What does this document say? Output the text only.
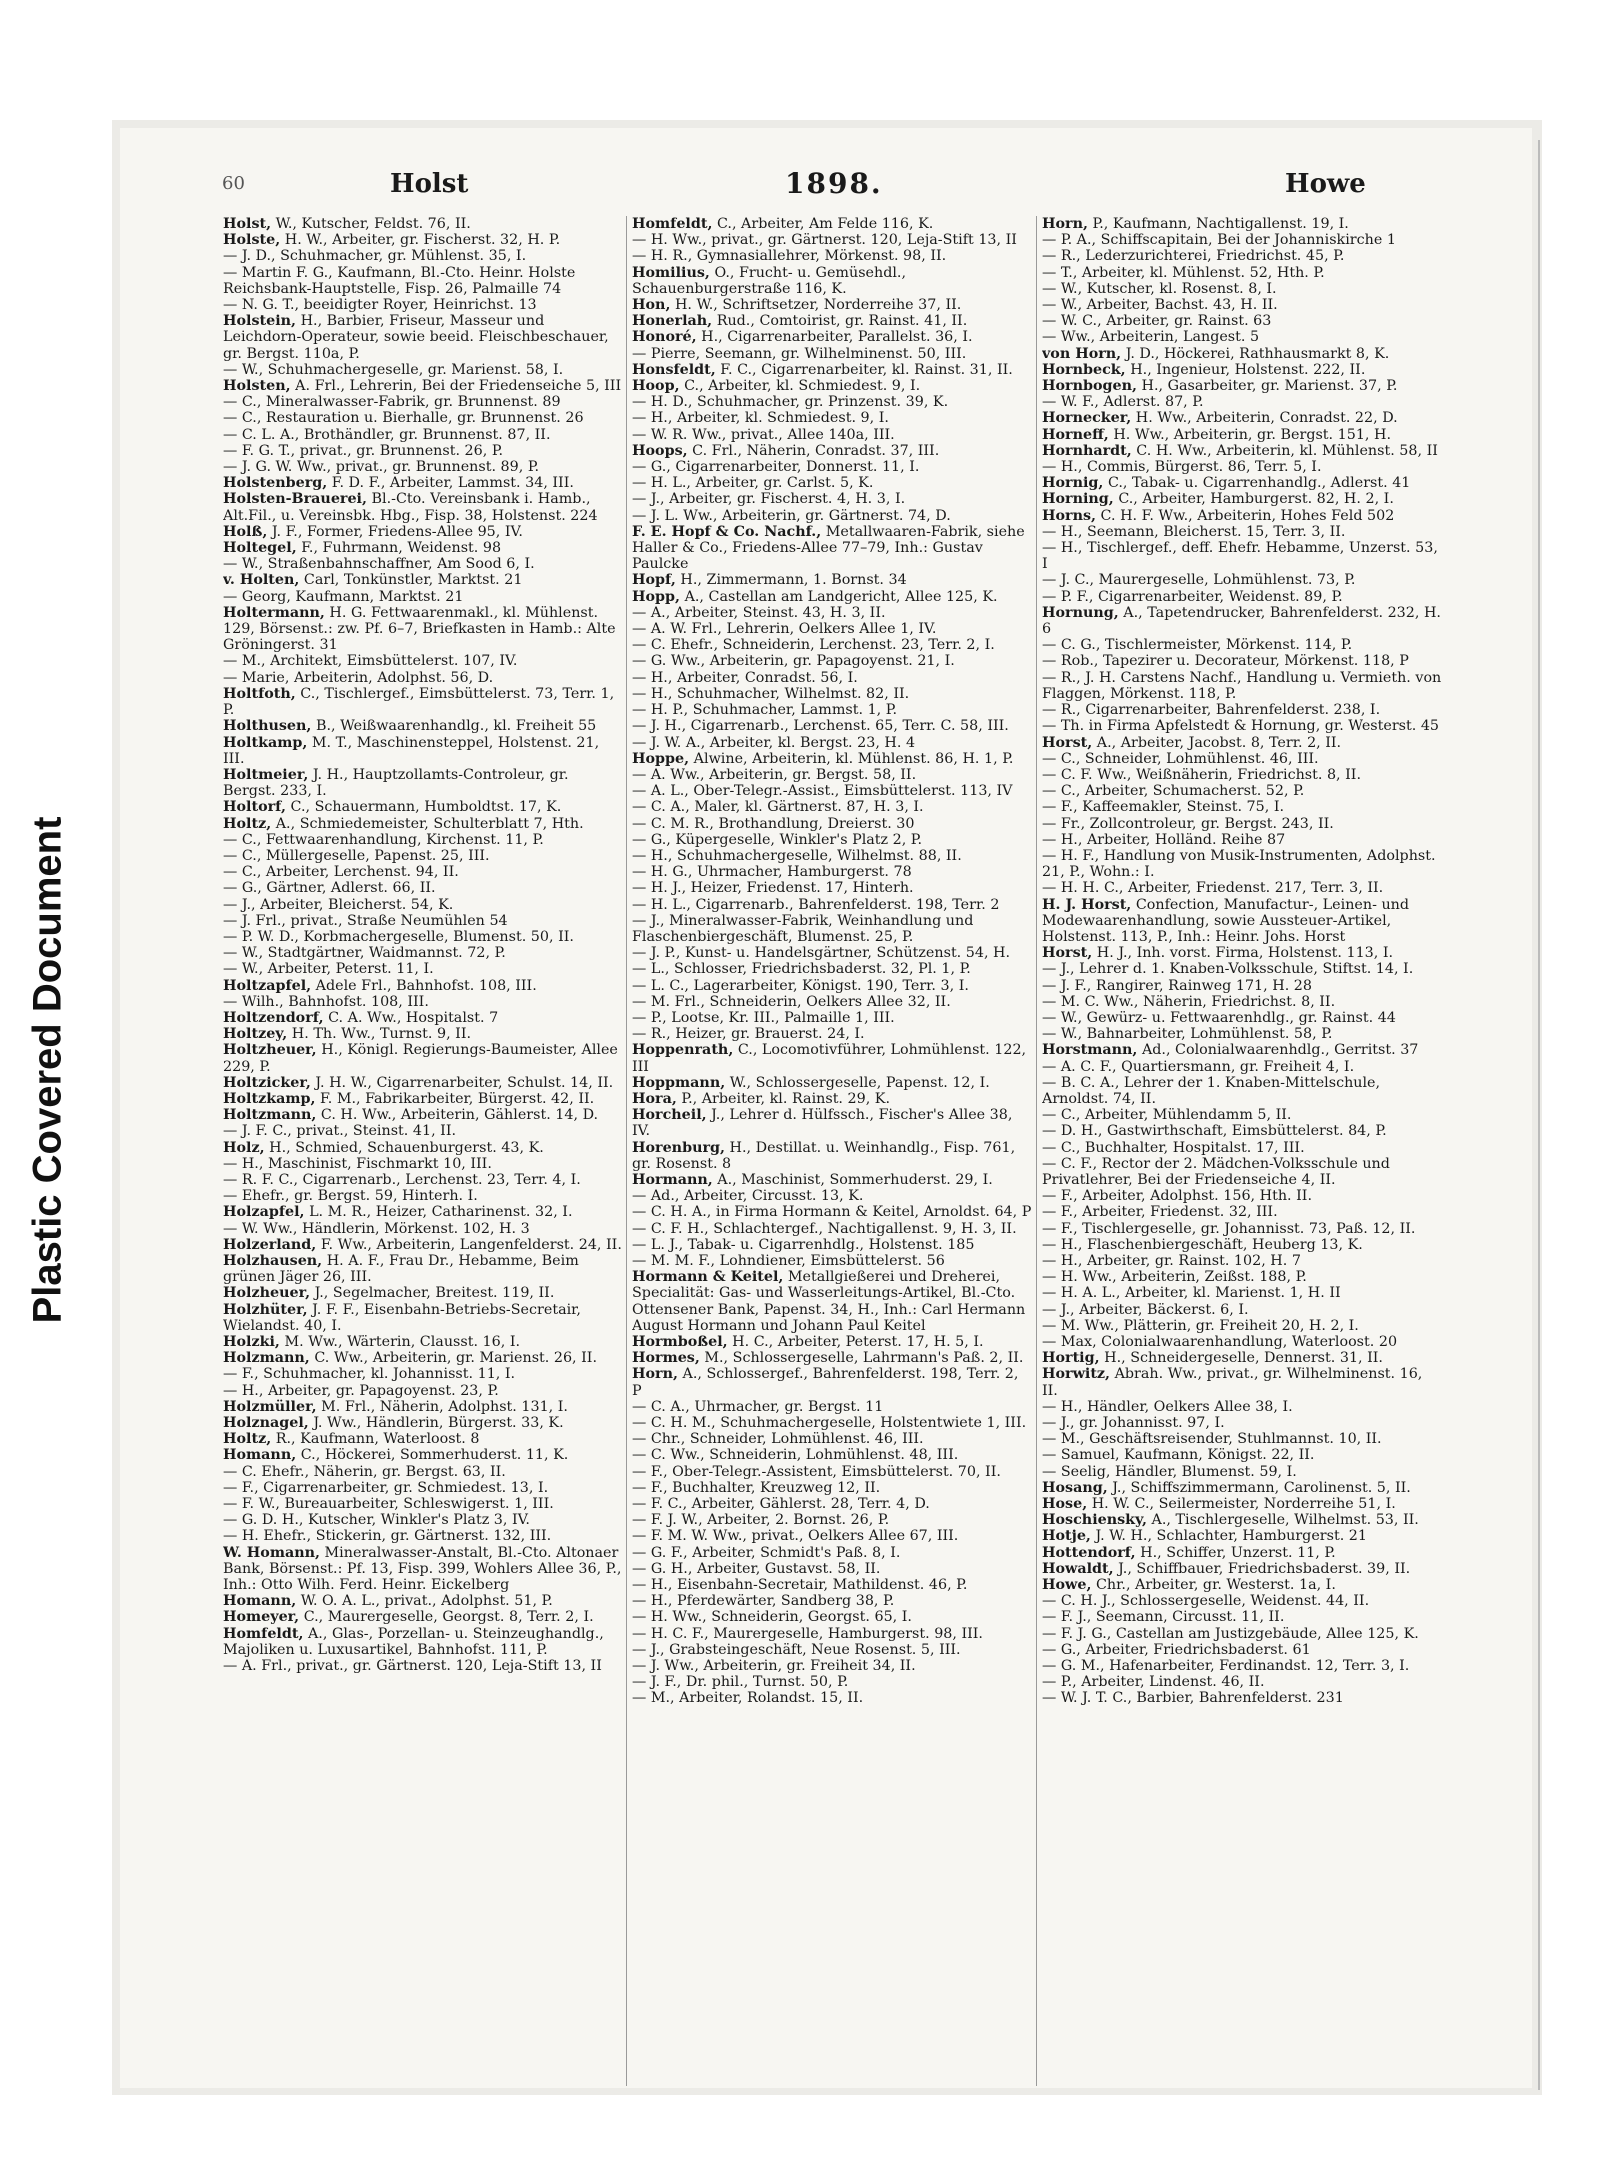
Plastic Covered Document
60	Holst	1898.	Howe
Holst, W., Kutscher, Feldst. 76, II.
Holste, H. W., Arbeiter, gr. Fischerst. 32, H. P.
— J. D., Schuhmacher, gr. Mühlenst. 35, I.
— Martin F. G., Kaufmann, Bl.-Cto. Heinr. Holste Reichsbank-Hauptstelle, Fisp. 26, Palmaille 74
— N. G. T., beeidigter Royer, Heinrichst. 13
Holstein, H., Barbier, Friseur, Masseur und Leichdorn-Operateur, sowie beeid. Fleischbeschauer, gr. Bergst. 110a, P.
— W., Schuhmachergeselle, gr. Marienst. 58, I.
Holsten, A. Frl., Lehrerin, Bei der Friedenseiche 5, III
— C., Mineralwasser-Fabrik, gr. Brunnenst. 89
— C., Restauration u. Bierhalle, gr. Brunnenst. 26
— C. L. A., Brothändler, gr. Brunnenst. 87, II.
— F. G. T., privat., gr. Brunnenst. 26, P.
— J. G. W. Ww., privat., gr. Brunnenst. 89, P.
Holstenberg, F. D. F., Arbeiter, Lammst. 34, III.
Holsten-Brauerei, Bl.-Cto. Vereinsbank i. Hamb., Alt.Fil., u. Vereinsbk. Hbg., Fisp. 38, Holstenst. 224
Holß, J. F., Former, Friedens-Allee 95, IV.
Holtegel, F., Fuhrmann, Weidenst. 98
— W., Straßenbahnschaffner, Am Sood 6, I.
v. Holten, Carl, Tonkünstler, Marktst. 21
— Georg, Kaufmann, Marktst. 21
Holtermann, H. G. Fettwaarenmakl., kl. Mühlenst. 129, Börsenst.: zw. Pf. 6–7, Briefkasten in Hamb.: Alte Gröningerst. 31
— M., Architekt, Eimsbüttelerst. 107, IV.
— Marie, Arbeiterin, Adolphst. 56, D.
Holtfoth, C., Tischlergef., Eimsbüttelerst. 73, Terr. 1, P.
Holthusen, B., Weißwaarenhandlg., kl. Freiheit 55
Holtkamp, M. T., Maschinensteppel, Holstenst. 21, III.
Holtmeier, J. H., Hauptzollamts-Controleur, gr. Bergst. 233, I.
Holtorf, C., Schauermann, Humboldtst. 17, K.
Holtz, A., Schmiedemeister, Schulterblatt 7, Hth.
— C., Fettwaarenhandlung, Kirchenst. 11, P.
— C., Müllergeselle, Papenst. 25, III.
— C., Arbeiter, Lerchenst. 94, II.
— G., Gärtner, Adlerst. 66, II.
— J., Arbeiter, Bleicherst. 54, K.
— J. Frl., privat., Straße Neumühlen 54
— P. W. D., Korbmachergeselle, Blumenst. 50, II.
— W., Stadtgärtner, Waidmannst. 72, P.
— W., Arbeiter, Peterst. 11, I.
Holtzapfel, Adele Frl., Bahnhofst. 108, III.
— Wilh., Bahnhofst. 108, III.
Holtzendorf, C. A. Ww., Hospitalst. 7
Holtzey, H. Th. Ww., Turnst. 9, II.
Holtzheuer, H., Königl. Regierungs-Baumeister, Allee 229, P.
Holtzicker, J. H. W., Cigarrenarbeiter, Schulst. 14, II.
Holtzkamp, F. M., Fabrikarbeiter, Bürgerst. 42, II.
Holtzmann, C. H. Ww., Arbeiterin, Gählerst. 14, D.
— J. F. C., privat., Steinst. 41, II.
Holz, H., Schmied, Schauenburgerst. 43, K.
— H., Maschinist, Fischmarkt 10, III.
— R. F. C., Cigarrenarb., Lerchenst. 23, Terr. 4, I.
— Ehefr., gr. Bergst. 59, Hinterh. I.
Holzapfel, L. M. R., Heizer, Catharinenst. 32, I.
— W. Ww., Händlerin, Mörkenst. 102, H. 3
Holzerland, F. Ww., Arbeiterin, Langenfelderst. 24, II.
Holzhausen, H. A. F., Frau Dr., Hebamme, Beim grünen Jäger 26, III.
Holzheuer, J., Segelmacher, Breitest. 119, II.
Holzhüter, J. F. F., Eisenbahn-Betriebs-Secretair, Wielandst. 40, I.
Holzki, M. Ww., Wärterin, Clausst. 16, I.
Holzmann, C. Ww., Arbeiterin, gr. Marienst. 26, II.
— F., Schuhmacher, kl. Johannisst. 11, I.
— H., Arbeiter, gr. Papagoyenst. 23, P.
Holzmüller, M. Frl., Näherin, Adolphst. 131, I.
Holznagel, J. Ww., Händlerin, Bürgerst. 33, K.
Holtz, R., Kaufmann, Waterloost. 8
Homann, C., Höckerei, Sommerhuderst. 11, K.
— C. Ehefr., Näherin, gr. Bergst. 63, II.
— F., Cigarrenarbeiter, gr. Schmiedest. 13, I.
— F. W., Bureauarbeiter, Schleswigerst. 1, III.
— G. D. H., Kutscher, Winkler's Platz 3, IV.
— H. Ehefr., Stickerin, gr. Gärtnerst. 132, III.
W. Homann, Mineralwasser-Anstalt, Bl.-Cto. Altonaer Bank, Börsenst.: Pf. 13, Fisp. 399, Wohlers Allee 36, P., Inh.: Otto Wilh. Ferd. Heinr. Eickelberg
Homann, W. O. A. L., privat., Adolphst. 51, P.
Homeyer, C., Maurergeselle, Georgst. 8, Terr. 2, I.
Homfeldt, A., Glas-, Porzellan- u. Steinzeughandlg., Majoliken u. Luxusartikel, Bahnhofst. 111, P.
— A. Frl., privat., gr. Gärtnerst. 120, Leja-Stift 13, II
Homfeldt, C., Arbeiter, Am Felde 116, K.
— H. Ww., privat., gr. Gärtnerst. 120, Leja-Stift 13, II
— H. R., Gymnasiallehrer, Mörkenst. 98, II.
Homilius, O., Frucht- u. Gemüsehdl., Schauenburgerstraße 116, K.
Hon, H. W., Schriftsetzer, Norderreihe 37, II.
Honerlah, Rud., Comtoirist, gr. Rainst. 41, II.
Honoré, H., Cigarrenarbeiter, Parallelst. 36, I.
— Pierre, Seemann, gr. Wilhelminenst. 50, III.
Honsfeldt, F. C., Cigarrenarbeiter, kl. Rainst. 31, II.
Hoop, C., Arbeiter, kl. Schmiedest. 9, I.
— H. D., Schuhmacher, gr. Prinzenst. 39, K.
— H., Arbeiter, kl. Schmiedest. 9, I.
— W. R. Ww., privat., Allee 140a, III.
Hoops, C. Frl., Näherin, Conradst. 37, III.
— G., Cigarrenarbeiter, Donnerst. 11, I.
— H. L., Arbeiter, gr. Carlst. 5, K.
— J., Arbeiter, gr. Fischerst. 4, H. 3, I.
— J. L. Ww., Arbeiterin, gr. Gärtnerst. 74, D.
F. E. Hopf & Co. Nachf., Metallwaaren-Fabrik, siehe Haller & Co., Friedens-Allee 77–79, Inh.: Gustav Paulcke
Hopf, H., Zimmermann, 1. Bornst. 34
Hopp, A., Castellan am Landgericht, Allee 125, K.
— A., Arbeiter, Steinst. 43, H. 3, II.
— A. W. Frl., Lehrerin, Oelkers Allee 1, IV.
— C. Ehefr., Schneiderin, Lerchenst. 23, Terr. 2, I.
— G. Ww., Arbeiterin, gr. Papagoyenst. 21, I.
— H., Arbeiter, Conradst. 56, I.
— H., Schuhmacher, Wilhelmst. 82, II.
— H. P., Schuhmacher, Lammst. 1, P.
— J. H., Cigarrenarb., Lerchenst. 65, Terr. C. 58, III.
— J. W. A., Arbeiter, kl. Bergst. 23, H. 4
Hoppe, Alwine, Arbeiterin, kl. Mühlenst. 86, H. 1, P.
— A. Ww., Arbeiterin, gr. Bergst. 58, II.
— A. L., Ober-Telegr.-Assist., Eimsbüttelerst. 113, IV
— C. A., Maler, kl. Gärtnerst. 87, H. 3, I.
— C. M. R., Brothandlung, Dreierst. 30
— G., Küpergeselle, Winkler's Platz 2, P.
— H., Schuhmachergeselle, Wilhelmst. 88, II.
— H. G., Uhrmacher, Hamburgerst. 78
— H. J., Heizer, Friedenst. 17, Hinterh.
— H. L., Cigarrenarb., Bahrenfelderst. 198, Terr. 2
— J., Mineralwasser-Fabrik, Weinhandlung und Flaschenbiergeschäft, Blumenst. 25, P.
— J. P., Kunst- u. Handelsgärtner, Schützenst. 54, H.
— L., Schlosser, Friedrichsbaderst. 32, Pl. 1, P.
— L. C., Lagerarbeiter, Königst. 190, Terr. 3, I.
— M. Frl., Schneiderin, Oelkers Allee 32, II.
— P., Lootse, Kr. III., Palmaille 1, III.
— R., Heizer, gr. Brauerst. 24, I.
Hoppenrath, C., Locomotivführer, Lohmühlenst. 122, III
Hoppmann, W., Schlossergeselle, Papenst. 12, I.
Hora, P., Arbeiter, kl. Rainst. 29, K.
Horcheil, J., Lehrer d. Hülfssch., Fischer's Allee 38, IV.
Horenburg, H., Destillat. u. Weinhandlg., Fisp. 761, gr. Rosenst. 8
Hormann, A., Maschinist, Sommerhuderst. 29, I.
— Ad., Arbeiter, Circusst. 13, K.
— C. H. A., in Firma Hormann & Keitel, Arnoldst. 64, P
— C. F. H., Schlachtergef., Nachtigallenst. 9, H. 3, II.
— L. J., Tabak- u. Cigarrenhdlg., Holstenst. 185
— M. M. F., Lohndiener, Eimsbüttelerst. 56
Hormann & Keitel, Metallgießerei und Dreherei, Specialität: Gas- und Wasserleitungs-Artikel, Bl.-Cto. Ottensener Bank, Papenst. 34, H., Inh.: Carl Hermann August Hormann und Johann Paul Keitel
Hormboßel, H. C., Arbeiter, Peterst. 17, H. 5, I.
Hormes, M., Schlossergeselle, Lahrmann's Paß. 2, II.
Horn, A., Schlossergef., Bahrenfelderst. 198, Terr. 2, P
— C. A., Uhrmacher, gr. Bergst. 11
— C. H. M., Schuhmachergeselle, Holstentwiete 1, III.
— Chr., Schneider, Lohmühlenst. 46, III.
— C. Ww., Schneiderin, Lohmühlenst. 48, III.
— F., Ober-Telegr.-Assistent, Eimsbüttelerst. 70, II.
— F., Buchhalter, Kreuzweg 12, II.
— F. C., Arbeiter, Gählerst. 28, Terr. 4, D.
— F. J. W., Arbeiter, 2. Bornst. 26, P.
— F. M. W. Ww., privat., Oelkers Allee 67, III.
— G. F., Arbeiter, Schmidt's Paß. 8, I.
— G. H., Arbeiter, Gustavst. 58, II.
— H., Eisenbahn-Secretair, Mathildenst. 46, P.
— H., Pferdewärter, Sandberg 38, P.
— H. Ww., Schneiderin, Georgst. 65, I.
— H. C. F., Maurergeselle, Hamburgerst. 98, III.
— J., Grabsteingeschäft, Neue Rosenst. 5, III.
— J. Ww., Arbeiterin, gr. Freiheit 34, II.
— J. F., Dr. phil., Turnst. 50, P.
— M., Arbeiter, Rolandst. 15, II.
Horn, P., Kaufmann, Nachtigallenst. 19, I.
— P. A., Schiffscapitain, Bei der Johanniskirche 1
— R., Lederzurichterei, Friedrichst. 45, P.
— T., Arbeiter, kl. Mühlenst. 52, Hth. P.
— W., Kutscher, kl. Rosenst. 8, I.
— W., Arbeiter, Bachst. 43, H. II.
— W. C., Arbeiter, gr. Rainst. 63
— Ww., Arbeiterin, Langest. 5
von Horn, J. D., Höckerei, Rathhausmarkt 8, K.
Hornbeck, H., Ingenieur, Holstenst. 222, II.
Hornbogen, H., Gasarbeiter, gr. Marienst. 37, P.
— W. F., Adlerst. 87, P.
Hornecker, H. Ww., Arbeiterin, Conradst. 22, D.
Horneff, H. Ww., Arbeiterin, gr. Bergst. 151, H.
Hornhardt, C. H. Ww., Arbeiterin, kl. Mühlenst. 58, II
— H., Commis, Bürgerst. 86, Terr. 5, I.
Hornig, C., Tabak- u. Cigarrenhandlg., Adlerst. 41
Horning, C., Arbeiter, Hamburgerst. 82, H. 2, I.
Horns, C. H. F. Ww., Arbeiterin, Hohes Feld 502
— H., Seemann, Bleicherst. 15, Terr. 3, II.
— H., Tischlergef., deff. Ehefr. Hebamme, Unzerst. 53, I
— J. C., Maurergeselle, Lohmühlenst. 73, P.
— P. F., Cigarrenarbeiter, Weidenst. 89, P.
Hornung, A., Tapetendrucker, Bahrenfelderst. 232, H. 6
— C. G., Tischlermeister, Mörkenst. 114, P.
— Rob., Tapezirer u. Decorateur, Mörkenst. 118, P
— R., J. H. Carstens Nachf., Handlung u. Vermieth. von Flaggen, Mörkenst. 118, P.
— R., Cigarrenarbeiter, Bahrenfelderst. 238, I.
— Th. in Firma Apfelstedt & Hornung, gr. Westerst. 45
Horst, A., Arbeiter, Jacobst. 8, Terr. 2, II.
— C., Schneider, Lohmühlenst. 46, III.
— C. F. Ww., Weißnäherin, Friedrichst. 8, II.
— C., Arbeiter, Schumacherst. 52, P.
— F., Kaffeemakler, Steinst. 75, I.
— Fr., Zollcontroleur, gr. Bergst. 243, II.
— H., Arbeiter, Holländ. Reihe 87
— H. F., Handlung von Musik-Instrumenten, Adolphst. 21, P., Wohn.: I.
— H. H. C., Arbeiter, Friedenst. 217, Terr. 3, II.
H. J. Horst, Confection, Manufactur-, Leinen- und Modewaarenhandlung, sowie Aussteuer-Artikel, Holstenst. 113, P., Inh.: Heinr. Johs. Horst
Horst, H. J., Inh. vorst. Firma, Holstenst. 113, I.
— J., Lehrer d. 1. Knaben-Volksschule, Stiftst. 14, I.
— J. F., Rangirer, Rainweg 171, H. 28
— M. C. Ww., Näherin, Friedrichst. 8, II.
— W., Gewürz- u. Fettwaarenhdlg., gr. Rainst. 44
— W., Bahnarbeiter, Lohmühlenst. 58, P.
Horstmann, Ad., Colonialwaarenhdlg., Gerritst. 37
— A. C. F., Quartiersmann, gr. Freiheit 4, I.
— B. C. A., Lehrer der 1. Knaben-Mittelschule, Arnoldst. 74, II.
— C., Arbeiter, Mühlendamm 5, II.
— D. H., Gastwirthschaft, Eimsbüttelerst. 84, P.
— C., Buchhalter, Hospitalst. 17, III.
— C. F., Rector der 2. Mädchen-Volksschule und Privatlehrer, Bei der Friedenseiche 4, II.
— F., Arbeiter, Adolphst. 156, Hth. II.
— F., Arbeiter, Friedenst. 32, III.
— F., Tischlergeselle, gr. Johannisst. 73, Paß. 12, II.
— H., Flaschenbiergeschäft, Heuberg 13, K.
— H., Arbeiter, gr. Rainst. 102, H. 7
— H. Ww., Arbeiterin, Zeißst. 188, P.
— H. A. L., Arbeiter, kl. Marienst. 1, H. II
— J., Arbeiter, Bäckerst. 6, I.
— M. Ww., Plätterin, gr. Freiheit 20, H. 2, I.
— Max, Colonialwaarenhandlung, Waterloost. 20
Hortig, H., Schneidergeselle, Dennerst. 31, II.
Horwitz, Abrah. Ww., privat., gr. Wilhelminenst. 16, II.
— H., Händler, Oelkers Allee 38, I.
— J., gr. Johannisst. 97, I.
— M., Geschäftsreisender, Stuhlmannst. 10, II.
— Samuel, Kaufmann, Königst. 22, II.
— Seelig, Händler, Blumenst. 59, I.
Hosang, J., Schiffszimmermann, Carolinenst. 5, II.
Hose, H. W. C., Seilermeister, Norderreihe 51, I.
Hoschiensky, A., Tischlergeselle, Wilhelmst. 53, II.
Hotje, J. W. H., Schlachter, Hamburgerst. 21
Hottendorf, H., Schiffer, Unzerst. 11, P.
Howaldt, J., Schiffbauer, Friedrichsbaderst. 39, II.
Howe, Chr., Arbeiter, gr. Westerst. 1a, I.
— C. H. J., Schlossergeselle, Weidenst. 44, II.
— F. J., Seemann, Circusst. 11, II.
— F. J. G., Castellan am Justizgebäude, Allee 125, K.
— G., Arbeiter, Friedrichsbaderst. 61
— G. M., Hafenarbeiter, Ferdinandst. 12, Terr. 3, I.
— P., Arbeiter, Lindenst. 46, II.
— W. J. T. C., Barbier, Bahrenfelderst. 231
